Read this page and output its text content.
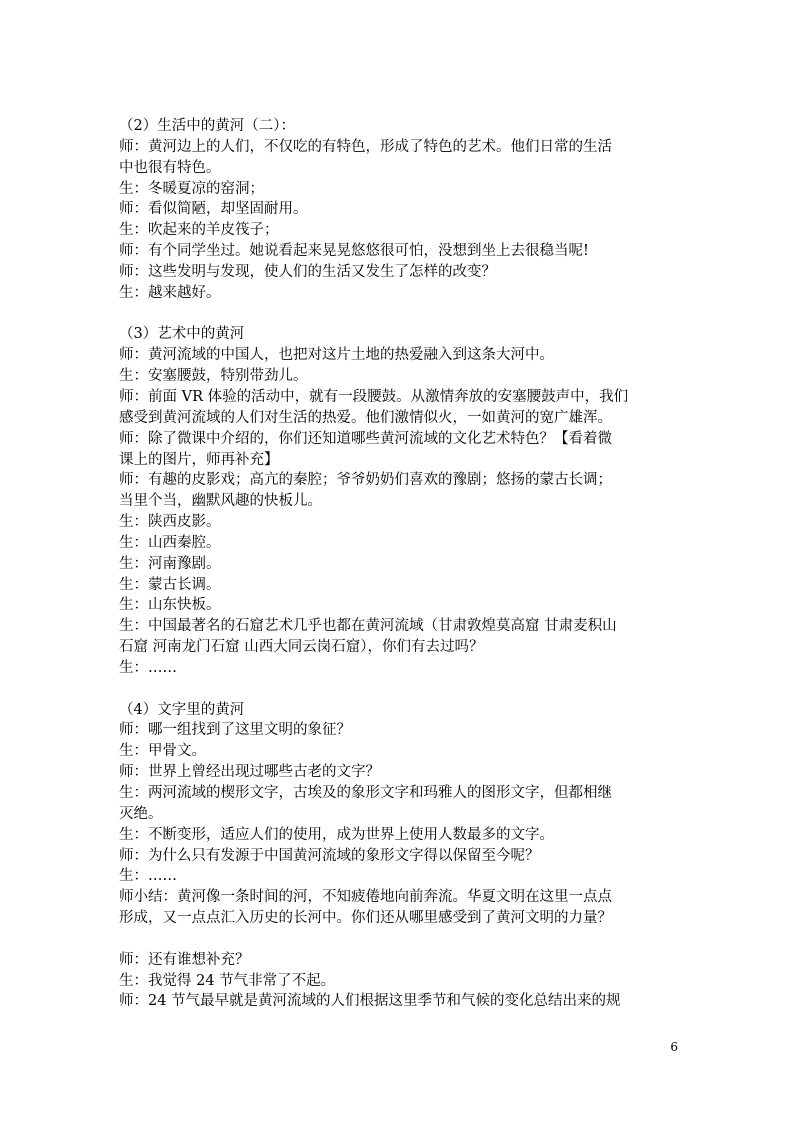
（2）生活中的黄河（二）：
师：黄河边上的人们，不仅吃的有特色，形成了特色的艺术。他们日常的生活
中也很有特色。
生：冬暖夏凉的窑洞；
师：看似简陋，却坚固耐用。
生：吹起来的羊皮筏子；
师：有个同学坐过。她说看起来晃晃悠悠很可怕，没想到坐上去很稳当呢!
师：这些发明与发现，使人们的生活又发生了怎样的改变？
生：越来越好。
（3）艺术中的黄河
师：黄河流域的中国人，也把对这片土地的热爱融入到这条大河中。
生：安塞腰鼓，特别带劲儿。
师：前面 VR 体验的活动中，就有一段腰鼓。从激情奔放的安塞腰鼓声中，我们
感受到黄河流域的人们对生活的热爱。他们激情似火，一如黄河的宽广雄浑。
师：除了微课中介绍的，你们还知道哪些黄河流域的文化艺术特色？【看着微
课上的图片，师再补充】
师：有趣的皮影戏；高亢的秦腔；爷爷奶奶们喜欢的豫剧；悠扬的蒙古长调；
当里个当，幽默风趣的快板儿。
生：陕西皮影。
生：山西秦腔。
生：河南豫剧。
生：蒙古长调。
生：山东快板。
生：中国最著名的石窟艺术几乎也都在黄河流域（甘肃敦煌莫高窟 甘肃麦积山
石窟 河南龙门石窟 山西大同云岗石窟），你们有去过吗？
生：……
（4）文字里的黄河
师：哪一组找到了这里文明的象征？
生：甲骨文。
师：世界上曾经出现过哪些古老的文字？
生：两河流域的楔形文字，古埃及的象形文字和玛雅人的图形文字，但都相继
灭绝。
生：不断变形，适应人们的使用，成为世界上使用人数最多的文字。
师：为什么只有发源于中国黄河流域的象形文字得以保留至今呢？
生：……
师小结：黄河像一条时间的河，不知疲倦地向前奔流。华夏文明在这里一点点
形成，又一点点汇入历史的长河中。你们还从哪里感受到了黄河文明的力量？
师：还有谁想补充？
生：我觉得 24 节气非常了不起。
师：24 节气最早就是黄河流域的人们根据这里季节和气候的变化总结出来的规
6
